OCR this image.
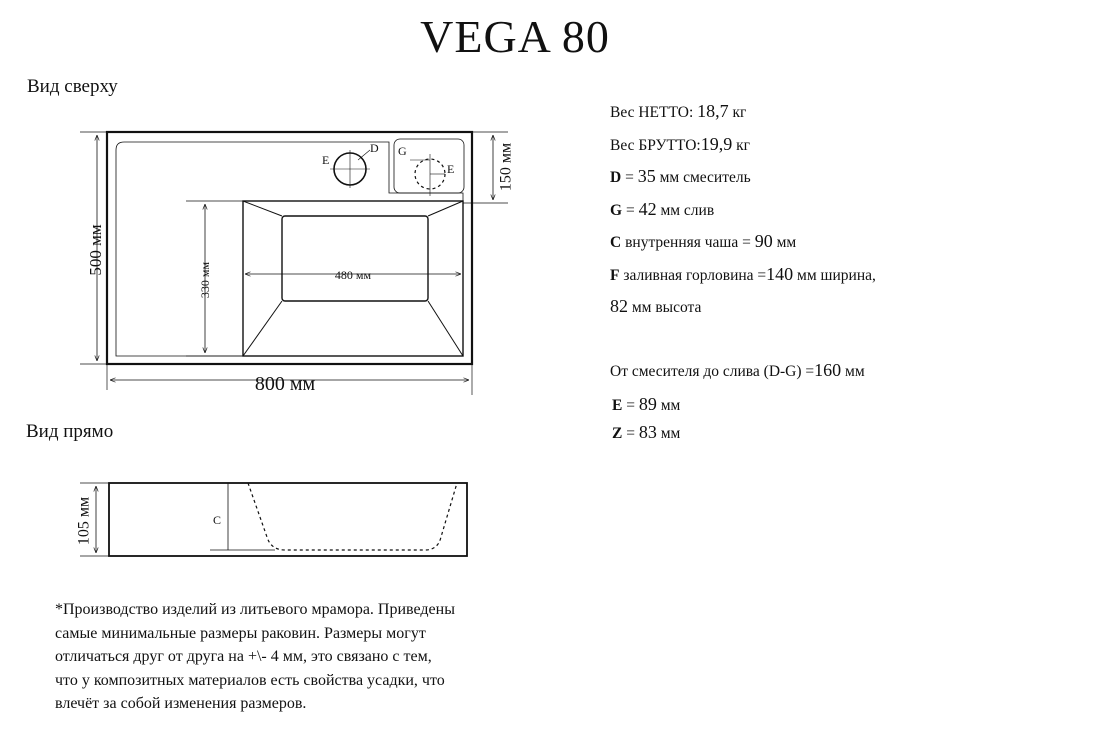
VEGA 80
Вид сверху
Вид прямо
500 мм
800 мм
480 мм
330 мм
150 мм
D
E
G
E
105 мм	C
Вес НЕТТО: 18,7 кг
Вес БРУТТО:19,9 кг
D = 35 мм смеситель
G = 42 мм слив
C внутренняя чаша = 90 мм
F заливная горловина =140 мм ширина,
82 мм высота
От смесителя до слива (D-G) =160 мм
E = 89 мм
Z = 83 мм
*Производство изделий из литьевого мрамора. Приведены
самые минимальные размеры раковин. Размеры могут
отличаться друг от друга на +\- 4 мм, это связано с тем,
что у композитных материалов есть свойства усадки, что
влечёт за собой изменения размеров.
